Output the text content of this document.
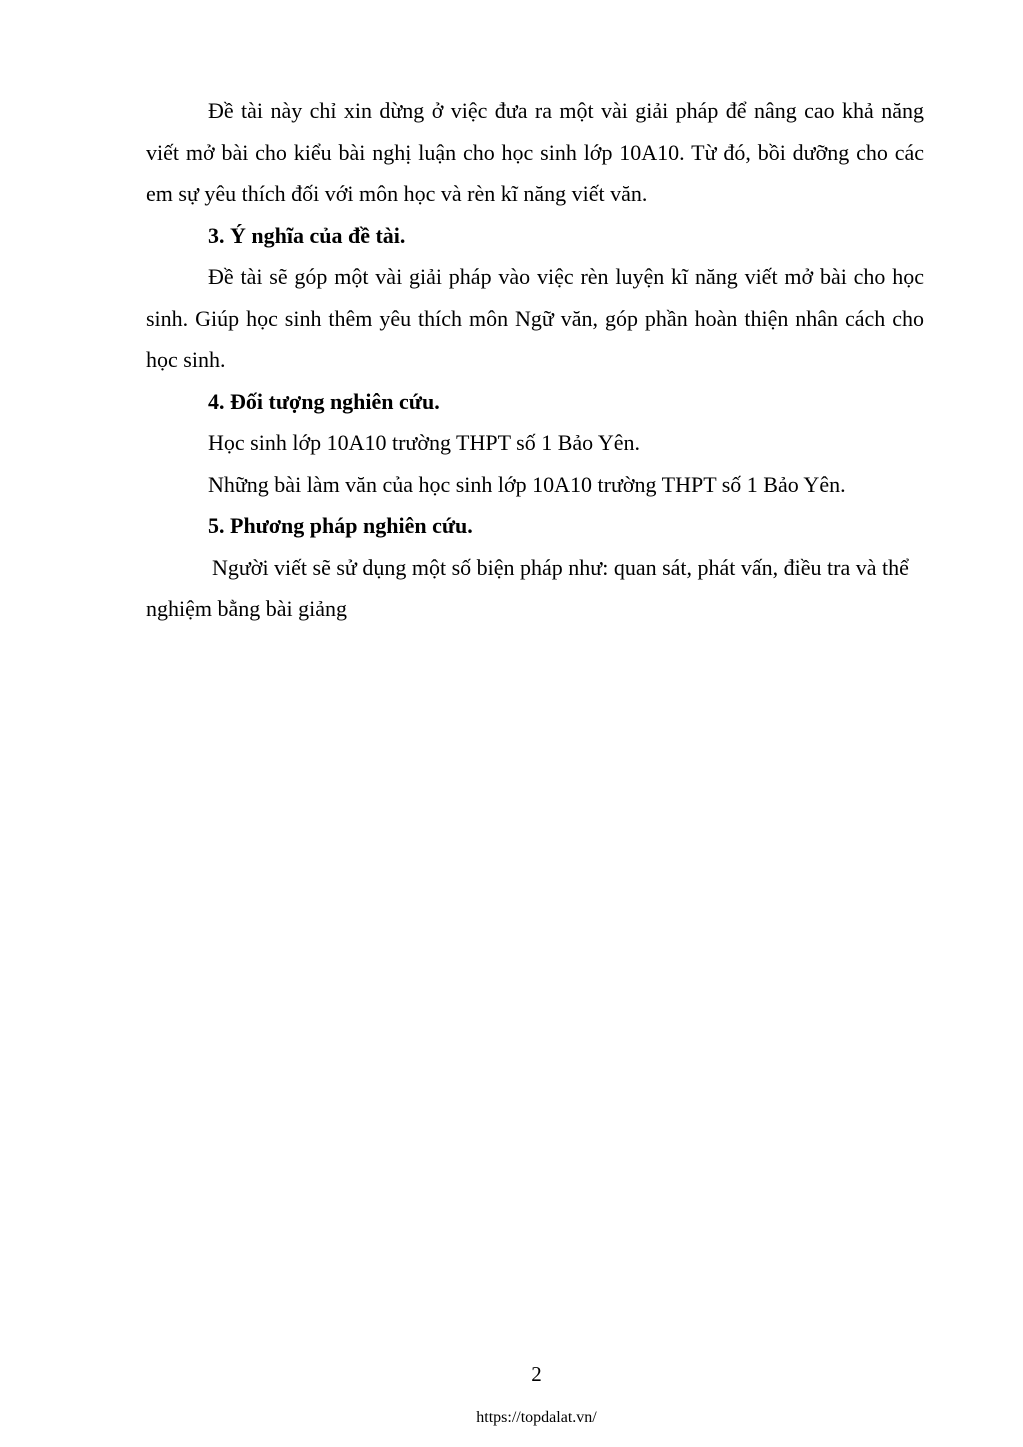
Đề tài này chỉ xin dừng ở việc đưa ra một vài giải pháp để nâng cao khả năng viết mở bài cho kiểu bài nghị luận cho học sinh lớp 10A10. Từ đó, bồi dưỡng cho các em sự yêu thích đối với môn học và rèn kĩ năng viết văn.

3. Ý nghĩa của đề tài.

Đề tài sẽ góp một vài giải pháp vào việc rèn luyện kĩ năng viết mở bài cho học sinh. Giúp học sinh thêm yêu thích môn Ngữ văn, góp phần hoàn thiện nhân cách cho học sinh.

4. Đối tượng nghiên cứu.

Học sinh lớp 10A10 trường THPT số 1 Bảo Yên.

Những bài làm văn của học sinh lớp 10A10 trường THPT số 1 Bảo Yên.

5. Phương pháp nghiên cứu.

Người viết sẽ sử dụng một số biện pháp như: quan sát, phát vấn, điều tra và thể nghiệm bằng bài giảng

2
https://topdalat.vn/
